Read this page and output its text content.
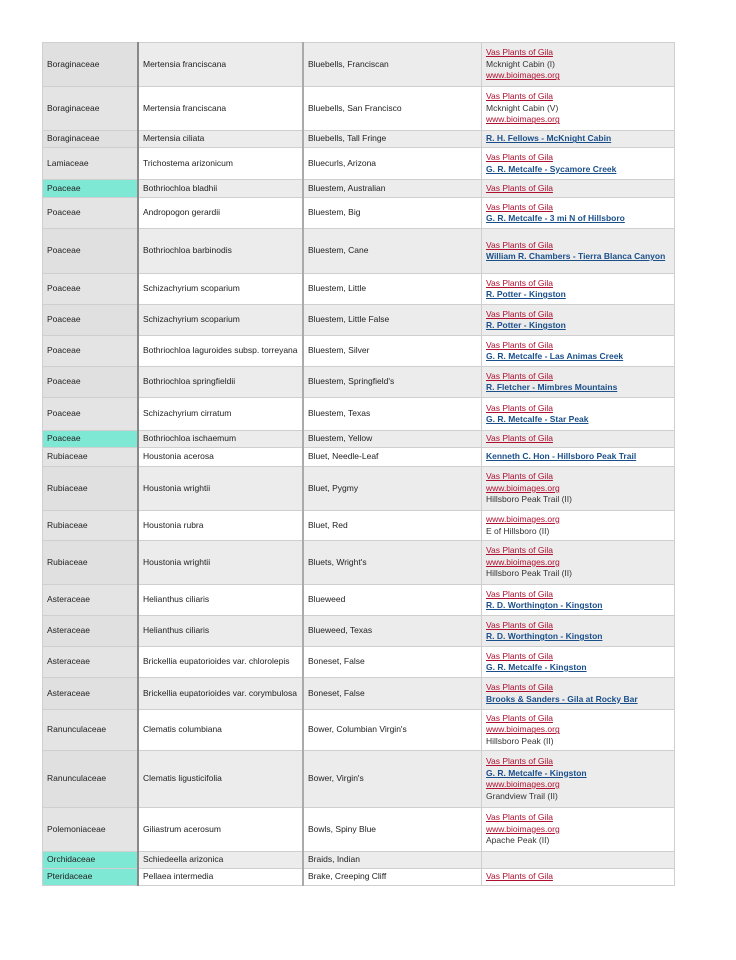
Boraginaceae	Mertensia franciscana	Bluebells, Franciscan	Vas Plants of Gila
Mcknight Cabin (I)
www.bioimages.org

Boraginaceae	Mertensia franciscana	Bluebells, San Francisco	Vas Plants of Gila
Mcknight Cabin (V)
www.bioimages.org

Boraginaceae	Mertensia ciliata	Bluebells, Tall Fringe	R. H. Fellows - McKnight Cabin

Lamiaceae	Trichostema arizonicum	Bluecurls, Arizona	Vas Plants of Gila
G. R. Metcalfe - Sycamore Creek

Poaceae	Bothriochloa bladhii	Bluestem, Australian	Vas Plants of Gila

Poaceae	Andropogon gerardii	Bluestem, Big	Vas Plants of Gila
G. R. Metcalfe - 3 mi N of Hillsboro

Poaceae	Bothriochloa barbinodis	Bluestem, Cane	Vas Plants of Gila
William R. Chambers - Tierra Blanca Canyon

Poaceae	Schizachyrium scoparium	Bluestem, Little	Vas Plants of Gila
R. Potter - Kingston

Poaceae	Schizachyrium scoparium	Bluestem, Little False	Vas Plants of Gila
R. Potter - Kingston

Poaceae	Bothriochloa laguroides subsp. torreyana	Bluestem, Silver	Vas Plants of Gila
G. R. Metcalfe - Las Animas Creek

Poaceae	Bothriochloa springfieldii	Bluestem, Springfield's	Vas Plants of Gila
R. Fletcher - Mimbres Mountains

Poaceae	Schizachyrium cirratum	Bluestem, Texas	Vas Plants of Gila
G. R. Metcalfe - Star Peak

Poaceae	Bothriochloa ischaemum	Bluestem, Yellow	Vas Plants of Gila

Rubiaceae	Houstonia acerosa	Bluet, Needle-Leaf	Kenneth C. Hon - Hillsboro Peak Trail

Rubiaceae	Houstonia wrightii	Bluet, Pygmy	Vas Plants of Gila
www.bioimages.org
Hillsboro Peak Trail (II)

Rubiaceae	Houstonia rubra	Bluet, Red	www.bioimages.org
E of Hillsboro (II)

Rubiaceae	Houstonia wrightii	Bluets, Wright's	Vas Plants of Gila
www.bioimages.org
Hillsboro Peak Trail (II)

Asteraceae	Helianthus ciliaris	Blueweed	Vas Plants of Gila
R. D. Worthington - Kingston

Asteraceae	Helianthus ciliaris	Blueweed, Texas	Vas Plants of Gila
R. D. Worthington - Kingston

Asteraceae	Brickellia eupatorioides var. chlorolepis	Boneset, False	Vas Plants of Gila
G. R. Metcalfe - Kingston

Asteraceae	Brickellia eupatorioides var. corymbulosa	Boneset, False	Vas Plants of Gila
Brooks & Sanders - Gila at Rocky Bar

Ranunculaceae	Clematis columbiana	Bower, Columbian Virgin's	Vas Plants of Gila
www.bioimages.org
Hillsboro Peak (II)

Ranunculaceae	Clematis ligusticifolia	Bower, Virgin's	Vas Plants of Gila
G. R. Metcalfe - Kingston
www.bioimages.org
Grandview Trail (II)

Polemoniaceae	Giliastrum acerosum	Bowls, Spiny Blue	Vas Plants of Gila
www.bioimages.org
Apache Peak (II)

Orchidaceae	Schiedeella arizonica	Braids, Indian	
Pteridaceae	Pellaea intermedia	Brake, Creeping Cliff	Vas Plants of Gila
